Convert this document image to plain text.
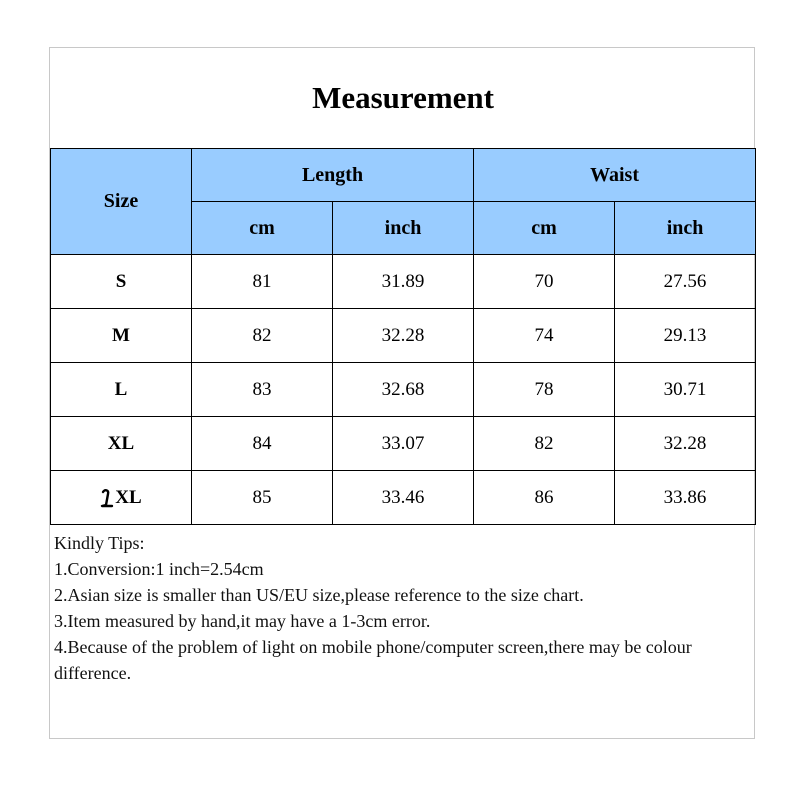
Measurement				
Size	Length		Waist	
	cm	inch	cm	inch
S	81	31.89	70	27.56
M	82	32.28	74	29.13
L	83	32.68	78	30.71
XL	84	33.07	82	32.28
XL	85	33.46	86	33.86
Kindly Tips:
1.Conversion:1 inch=2.54cm
2.Asian size is smaller than US/EU size,please reference to the size chart.
3.Item measured by hand,it may have a 1-3cm error.
4.Because of the problem of light on mobile phone/computer screen,there may be colour difference.
